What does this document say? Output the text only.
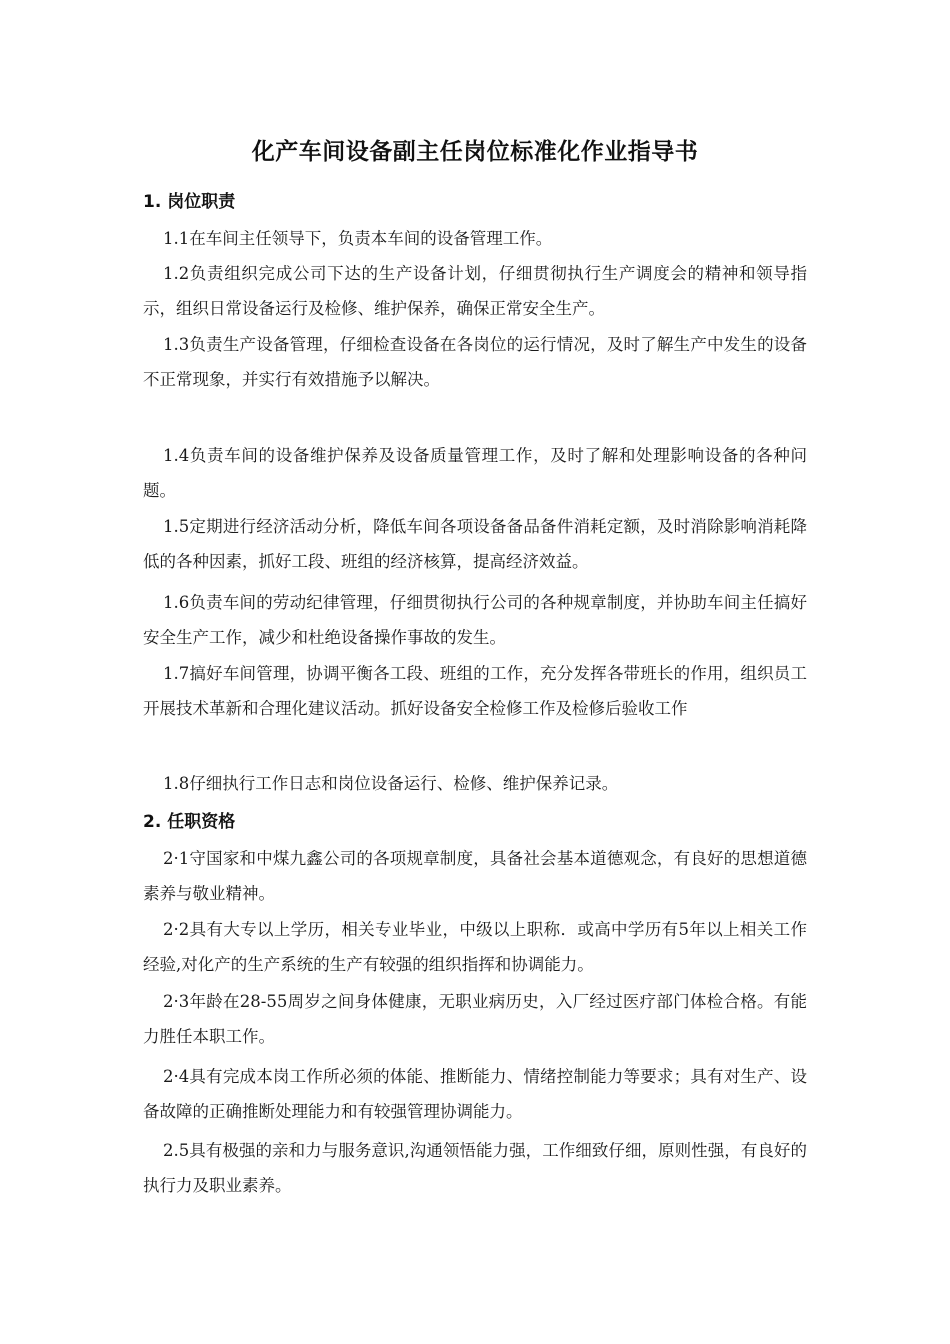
化产车间设备副主任岗位标准化作业指导书
1. 岗位职责
1.1在车间主任领导下，负责本车间的设备管理工作。
1.2负责组织完成公司下达的生产设备计划，仔细贯彻执行生产调度会的精神和领导指示，组织日常设备运行及检修、维护保养，确保正常安全生产。
1.3负责生产设备管理，仔细检查设备在各岗位的运行情况，及时了解生产中发生的设备不正常现象，并实行有效措施予以解决。
1.4负责车间的设备维护保养及设备质量管理工作，及时了解和处理影响设备的各种问题。
1.5定期进行经济活动分析，降低车间各项设备备品备件消耗定额，及时消除影响消耗降低的各种因素，抓好工段、班组的经济核算，提高经济效益。
1.6负责车间的劳动纪律管理，仔细贯彻执行公司的各种规章制度，并协助车间主任搞好安全生产工作，减少和杜绝设备操作事故的发生。
1.7搞好车间管理，协调平衡各工段、班组的工作，充分发挥各带班长的作用，组织员工开展技术革新和合理化建议活动。抓好设备安全检修工作及检修后验收工作
1.8仔细执行工作日志和岗位设备运行、检修、维护保养记录。
2. 任职资格
2·1守国家和中煤九鑫公司的各项规章制度，具备社会基本道德观念，有良好的思想道德素养与敬业精神。
2·2具有大专以上学历，相关专业毕业，中级以上职称．或高中学历有5年以上相关工作经验,对化产的生产系统的生产有较强的组织指挥和协调能力。
2·3年龄在28-55周岁之间身体健康，无职业病历史，入厂经过医疗部门体检合格。有能力胜任本职工作。
2·4具有完成本岗工作所必须的体能、推断能力、情绪控制能力等要求；具有对生产、设备故障的正确推断处理能力和有较强管理协调能力。
2.5具有极强的亲和力与服务意识,沟通领悟能力强，工作细致仔细，原则性强，有良好的执行力及职业素养。
